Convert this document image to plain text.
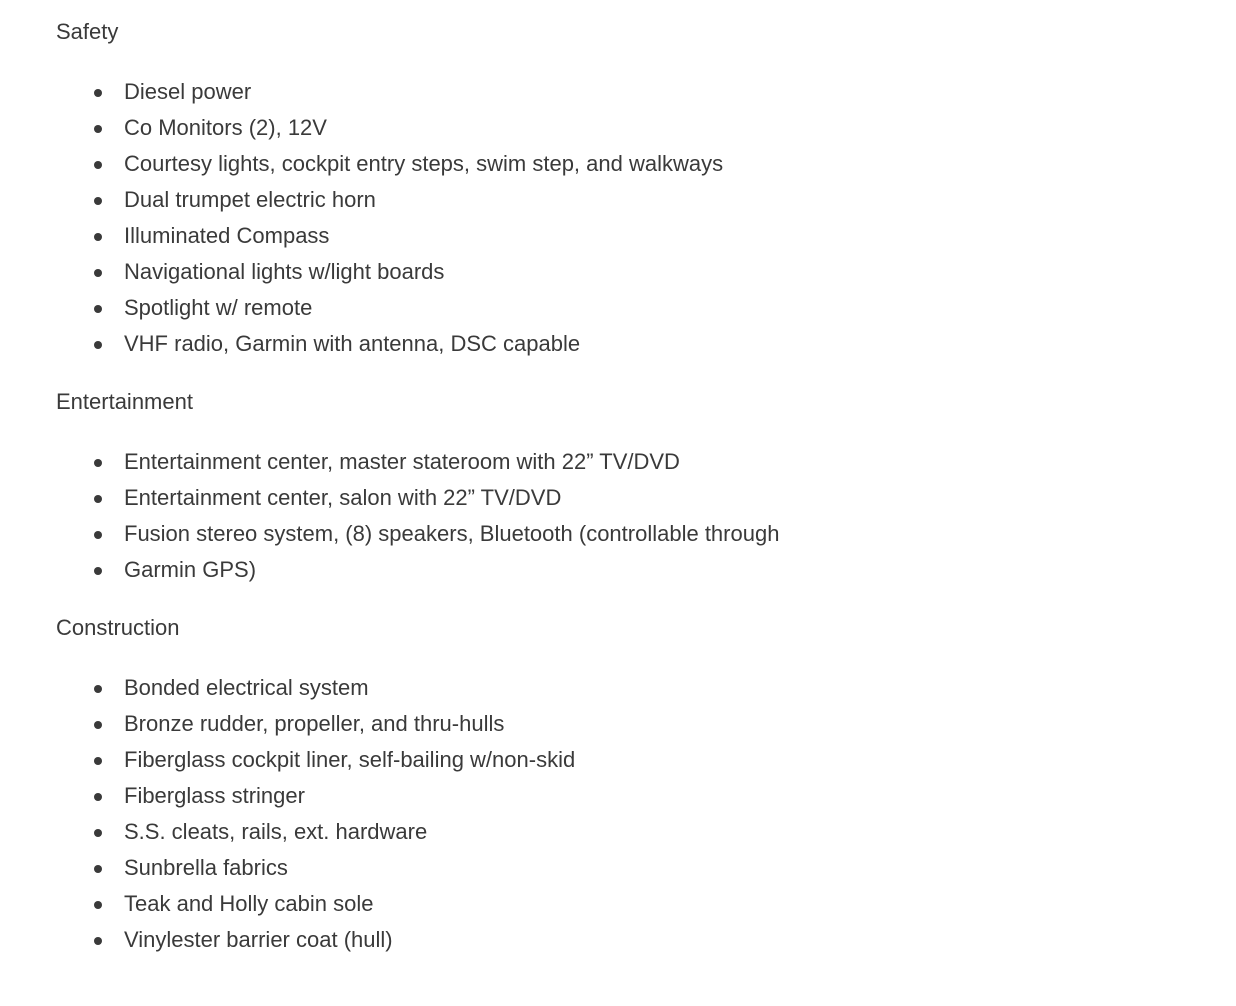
Safety
Diesel power
Co Monitors (2), 12V
Courtesy lights, cockpit entry steps, swim step, and walkways
Dual trumpet electric horn
Illuminated Compass
Navigational lights w/light boards
Spotlight w/ remote
VHF radio, Garmin with antenna, DSC capable
Entertainment
Entertainment center, master stateroom with 22” TV/DVD
Entertainment center, salon with 22” TV/DVD
Fusion stereo system, (8) speakers, Bluetooth (controllable through
Garmin GPS)
Construction
Bonded electrical system
Bronze rudder, propeller, and thru-hulls
Fiberglass cockpit liner, self-bailing w/non-skid
Fiberglass stringer
S.S. cleats, rails, ext. hardware
Sunbrella fabrics
Teak and Holly cabin sole
Vinylester barrier coat (hull)
